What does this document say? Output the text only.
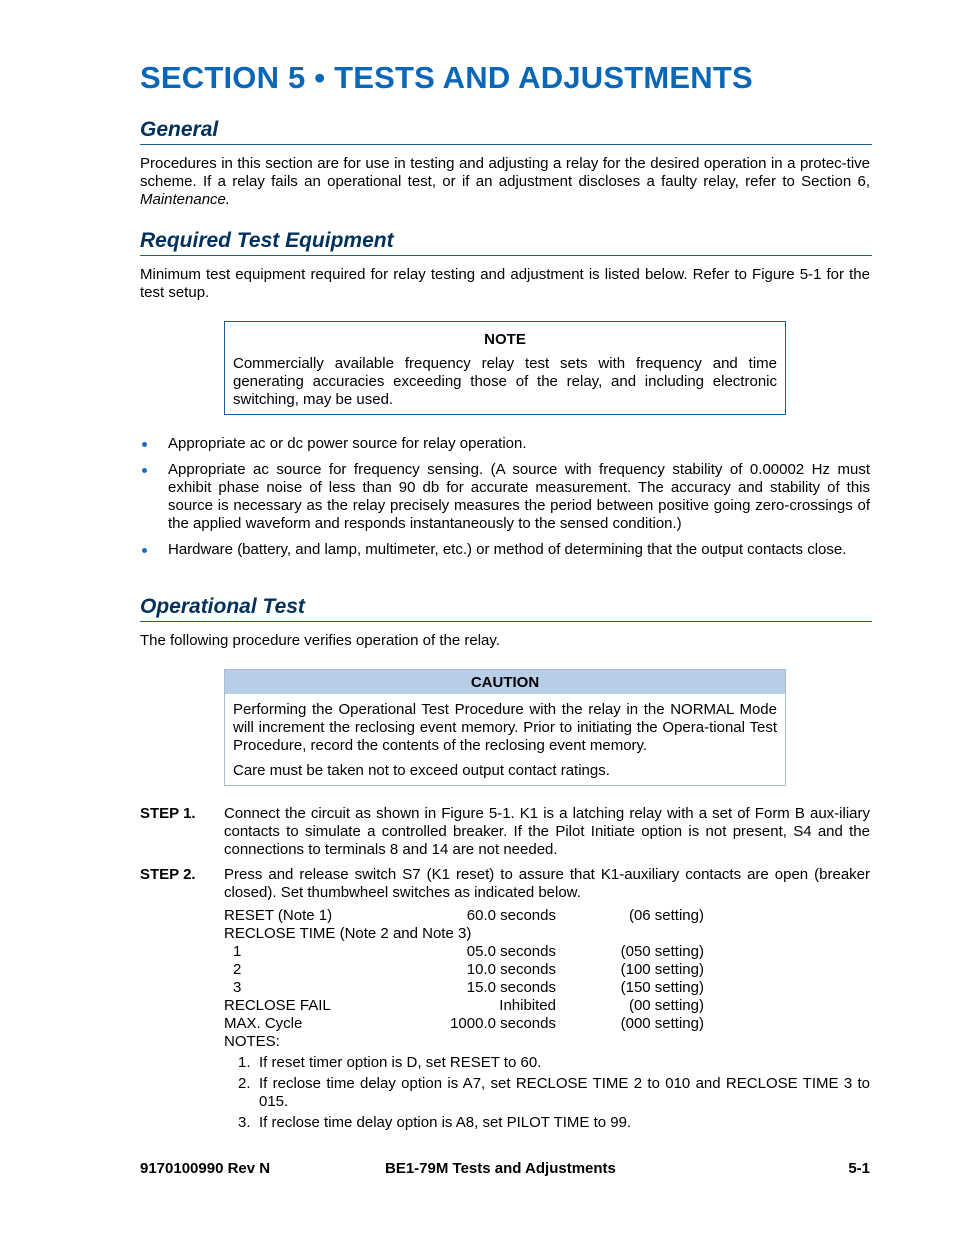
SECTION 5 • TESTS AND ADJUSTMENTS
General

Procedures in this section are for use in testing and adjusting a relay for the desired operation in a protec-tive scheme. If a relay fails an operational test, or if an adjustment discloses a faulty relay, refer to Section 6, Maintenance.

Required Test Equipment

Minimum test equipment required for relay testing and adjustment is listed below. Refer to Figure 5-1 for the test setup.

NOTE
Commercially available frequency relay test sets with frequency and time generating accuracies exceeding those of the relay, and including electronic switching, may be used.
Appropriate ac or dc power source for relay operation.
Appropriate ac source for frequency sensing. (A source with frequency stability of 0.00002 Hz must exhibit phase noise of less than 90 db for accurate measurement. The accuracy and stability of this source is necessary as the relay precisely measures the period between positive going zero-crossings of the applied waveform and responds instantaneously to the sensed condition.)
Hardware (battery, and lamp, multimeter, etc.) or method of determining that the output contacts close.
Operational Test

The following procedure verifies operation of the relay.

CAUTION
Performing the Operational Test Procedure with the relay in the NORMAL Mode will increment the reclosing event memory. Prior to initiating the Opera-tional Test Procedure, record the contents of the reclosing event memory.
Care must be taken not to exceed output contact ratings.
STEP 1. Connect the circuit as shown in Figure 5-1. K1 is a latching relay with a set of Form B aux-iliary contacts to simulate a controlled breaker. If the Pilot Initiate option is not present, S4 and the connections to terminals 8 and 14 are not needed.
STEP 2. Press and release switch S7 (K1 reset) to assure that K1-auxiliary contacts are open (breaker closed). Set thumbwheel switches as indicated below.
RESET (Note 1)	60.0 seconds	(06 setting)
RECLOSE TIME (Note 2 and Note 3)
1	05.0 seconds	(050 setting)
2	10.0 seconds	(100 setting)
3	15.0 seconds	(150 setting)
RECLOSE FAIL	Inhibited	(00 setting)
MAX. Cycle	1000.0 seconds	(000 setting)
NOTES:
1. If reset timer option is D, set RESET to 60.
2. If reclose time delay option is A7, set RECLOSE TIME 2 to 010 and RECLOSE TIME 3 to 015.
3. If reclose time delay option is A8, set PILOT TIME to 99.
9170100990 Rev N	BE1-79M Tests and Adjustments	5-1
